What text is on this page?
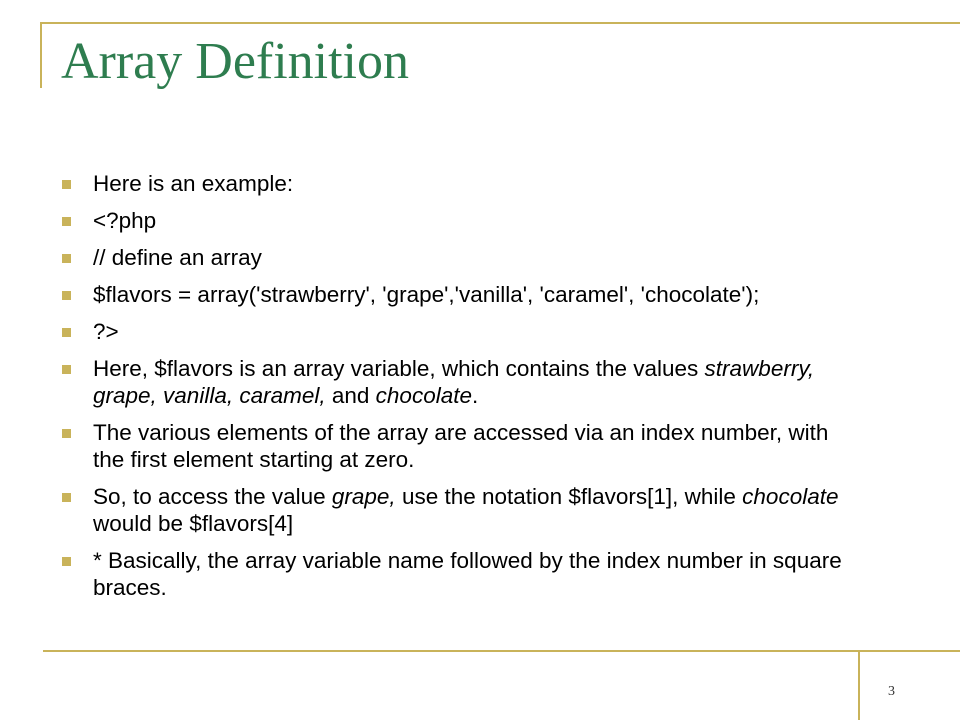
Array Definition
Here is an example:
<?php
// define an array
$flavors = array('strawberry', 'grape','vanilla', 'caramel', 'chocolate');
?>
Here, $flavors is an array variable, which contains the values strawberry, grape, vanilla, caramel, and chocolate.
The various elements of the array are accessed via an index number, with the first element starting at zero.
So, to access the value grape, use the notation $flavors[1], while chocolate would be $flavors[4]
* Basically, the array variable name followed by the index number in square braces.
3
